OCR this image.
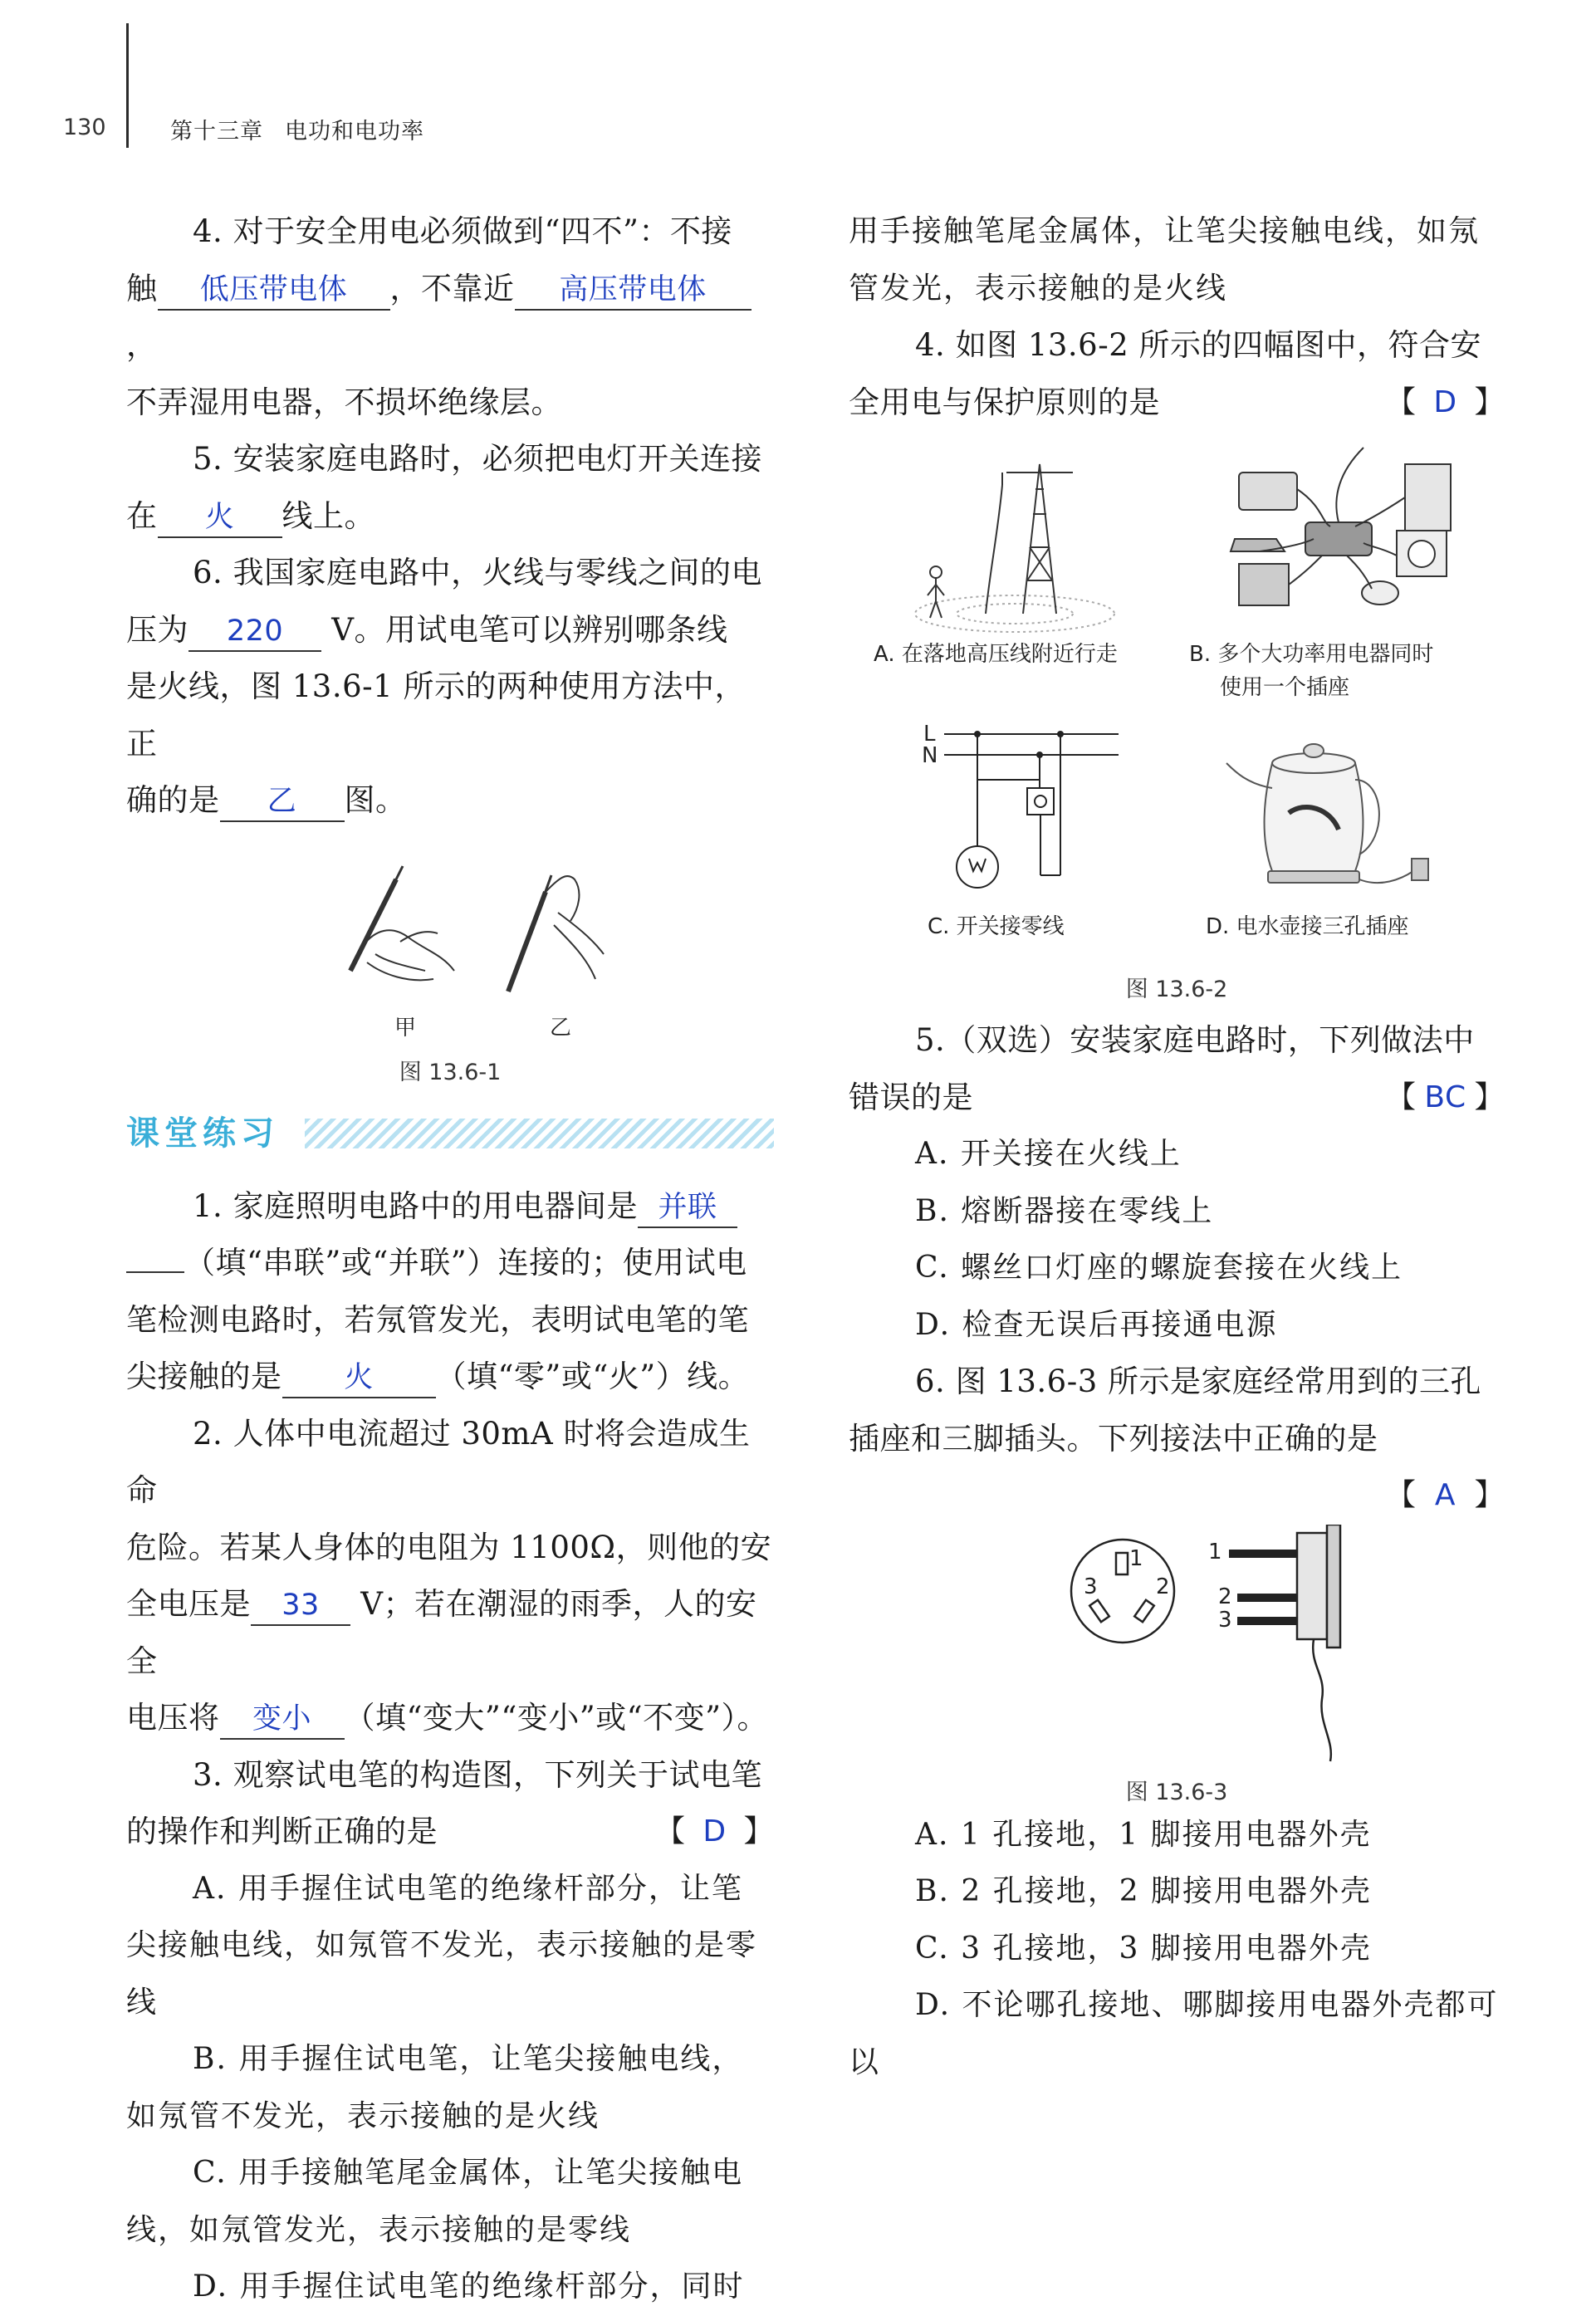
130	第十三章 电功和电功率

4. 对于安全用电必须做到“四不”：不接

触 低压带电体 ，不靠近 高压带电体，

不弄湿用电器，不损坏绝缘层。

5. 安装家庭电路时，必须把电灯开关连接

在 火 线上。

6. 我国家庭电路中，火线与零线之间的电

压为 220 V。用试电笔可以辨别哪条线

是火线，图 13.6-1 所示的两种使用方法中，正

确的是 乙 图。

甲	乙
图 13.6-1
课堂练习

1. 家庭照明电路中的用电器间是 并联

（填“串联”或“并联”）连接的；使用试电

笔检测电路时，若氖管发光，表明试电笔的笔

尖接触的是 火 （填“零”或“火”）线。

2. 人体中电流超过 30mA 时将会造成生命

危险。若某人身体的电阻为 1100Ω，则他的安

全电压是 33 V；若在潮湿的雨季，人的安全

电压将 变小 （填“变大”“变小”或“不变”）。

3. 观察试电笔的构造图，下列关于试电笔

的操作和判断正确的是	【 D 】

A. 用手握住试电笔的绝缘杆部分，让笔尖接触电线，如氖管不发光，表示接触的是零线

B. 用手握住试电笔，让笔尖接触电线，如氖管不发光，表示接触的是火线

C. 用手接触笔尾金属体，让笔尖接触电线，如氖管发光，表示接触的是零线

D. 用手握住试电笔的绝缘杆部分，同时

用手接触笔尾金属体，让笔尖接触电线，如氖管发光，表示接触的是火线

4. 如图 13.6-2 所示的四幅图中，符合安

全用电与保护原则的是	【 D 】

A. 在落地高压线附近行走	B. 多个大功率用电器同时
使用一个插座
L
N
C. 开关接零线	D. 电水壶接三孔插座
图 13.6-2

5.（双选）安装家庭电路时，下列做法中

错误的是	【 BC 】

A. 开关接在火线上

B. 熔断器接在零线上

C. 螺丝口灯座的螺旋套接在火线上

D. 检查无误后再接通电源

6. 图 13.6-3 所示是家庭经常用到的三孔

插座和三脚插头。下列接法中正确的是

【 A 】

1
3	2
1
2
3
图 13.6-3

A. 1 孔接地，1 脚接用电器外壳

B. 2 孔接地，2 脚接用电器外壳

C. 3 孔接地，3 脚接用电器外壳

D. 不论哪孔接地、哪脚接用电器外壳都可以
